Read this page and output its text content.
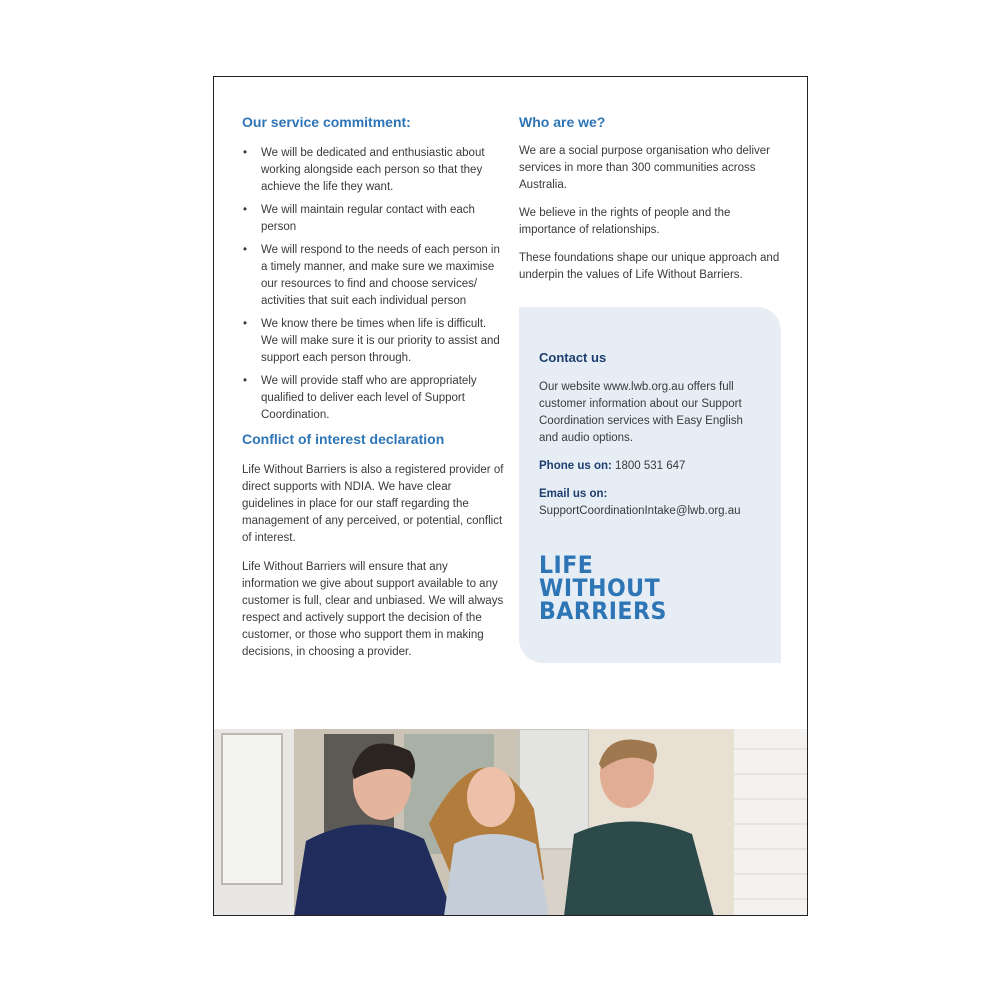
Our service commitment:
• We will be dedicated and enthusiastic about working alongside each person so that they achieve the life they want.
• We will maintain regular contact with each person
• We will respond to the needs of each person in a timely manner, and make sure we maximise our resources to find and choose services/ activities that suit each individual person
• We know there be times when life is difficult. We will make sure it is our priority to assist and support each person through.
• We will provide staff who are appropriately qualified to deliver each level of Support Coordination.
Conflict of interest declaration

Life Without Barriers is also a registered provider of direct supports with NDIA. We have clear guidelines in place for our staff regarding the management of any perceived, or potential, conflict of interest.

Life Without Barriers will ensure that any information we give about support available to any customer is full, clear and unbiased. We will always respect and actively support the decision of the customer, or those who support them in making decisions, in choosing a provider.

Who are we?

We are a social purpose organisation who deliver services in more than 300 communities across Australia.

We believe in the rights of people and the importance of relationships.

These foundations shape our unique approach and underpin the values of Life Without Barriers.

Contact us

Our website www.lwb.org.au offers full customer information about our Support Coordination services with Easy English and audio options.

Phone us on: 1800 531 647

Email us on:
SupportCoordinationIntake@lwb.org.au

LIFE
WITHOUT
BARRIERS
